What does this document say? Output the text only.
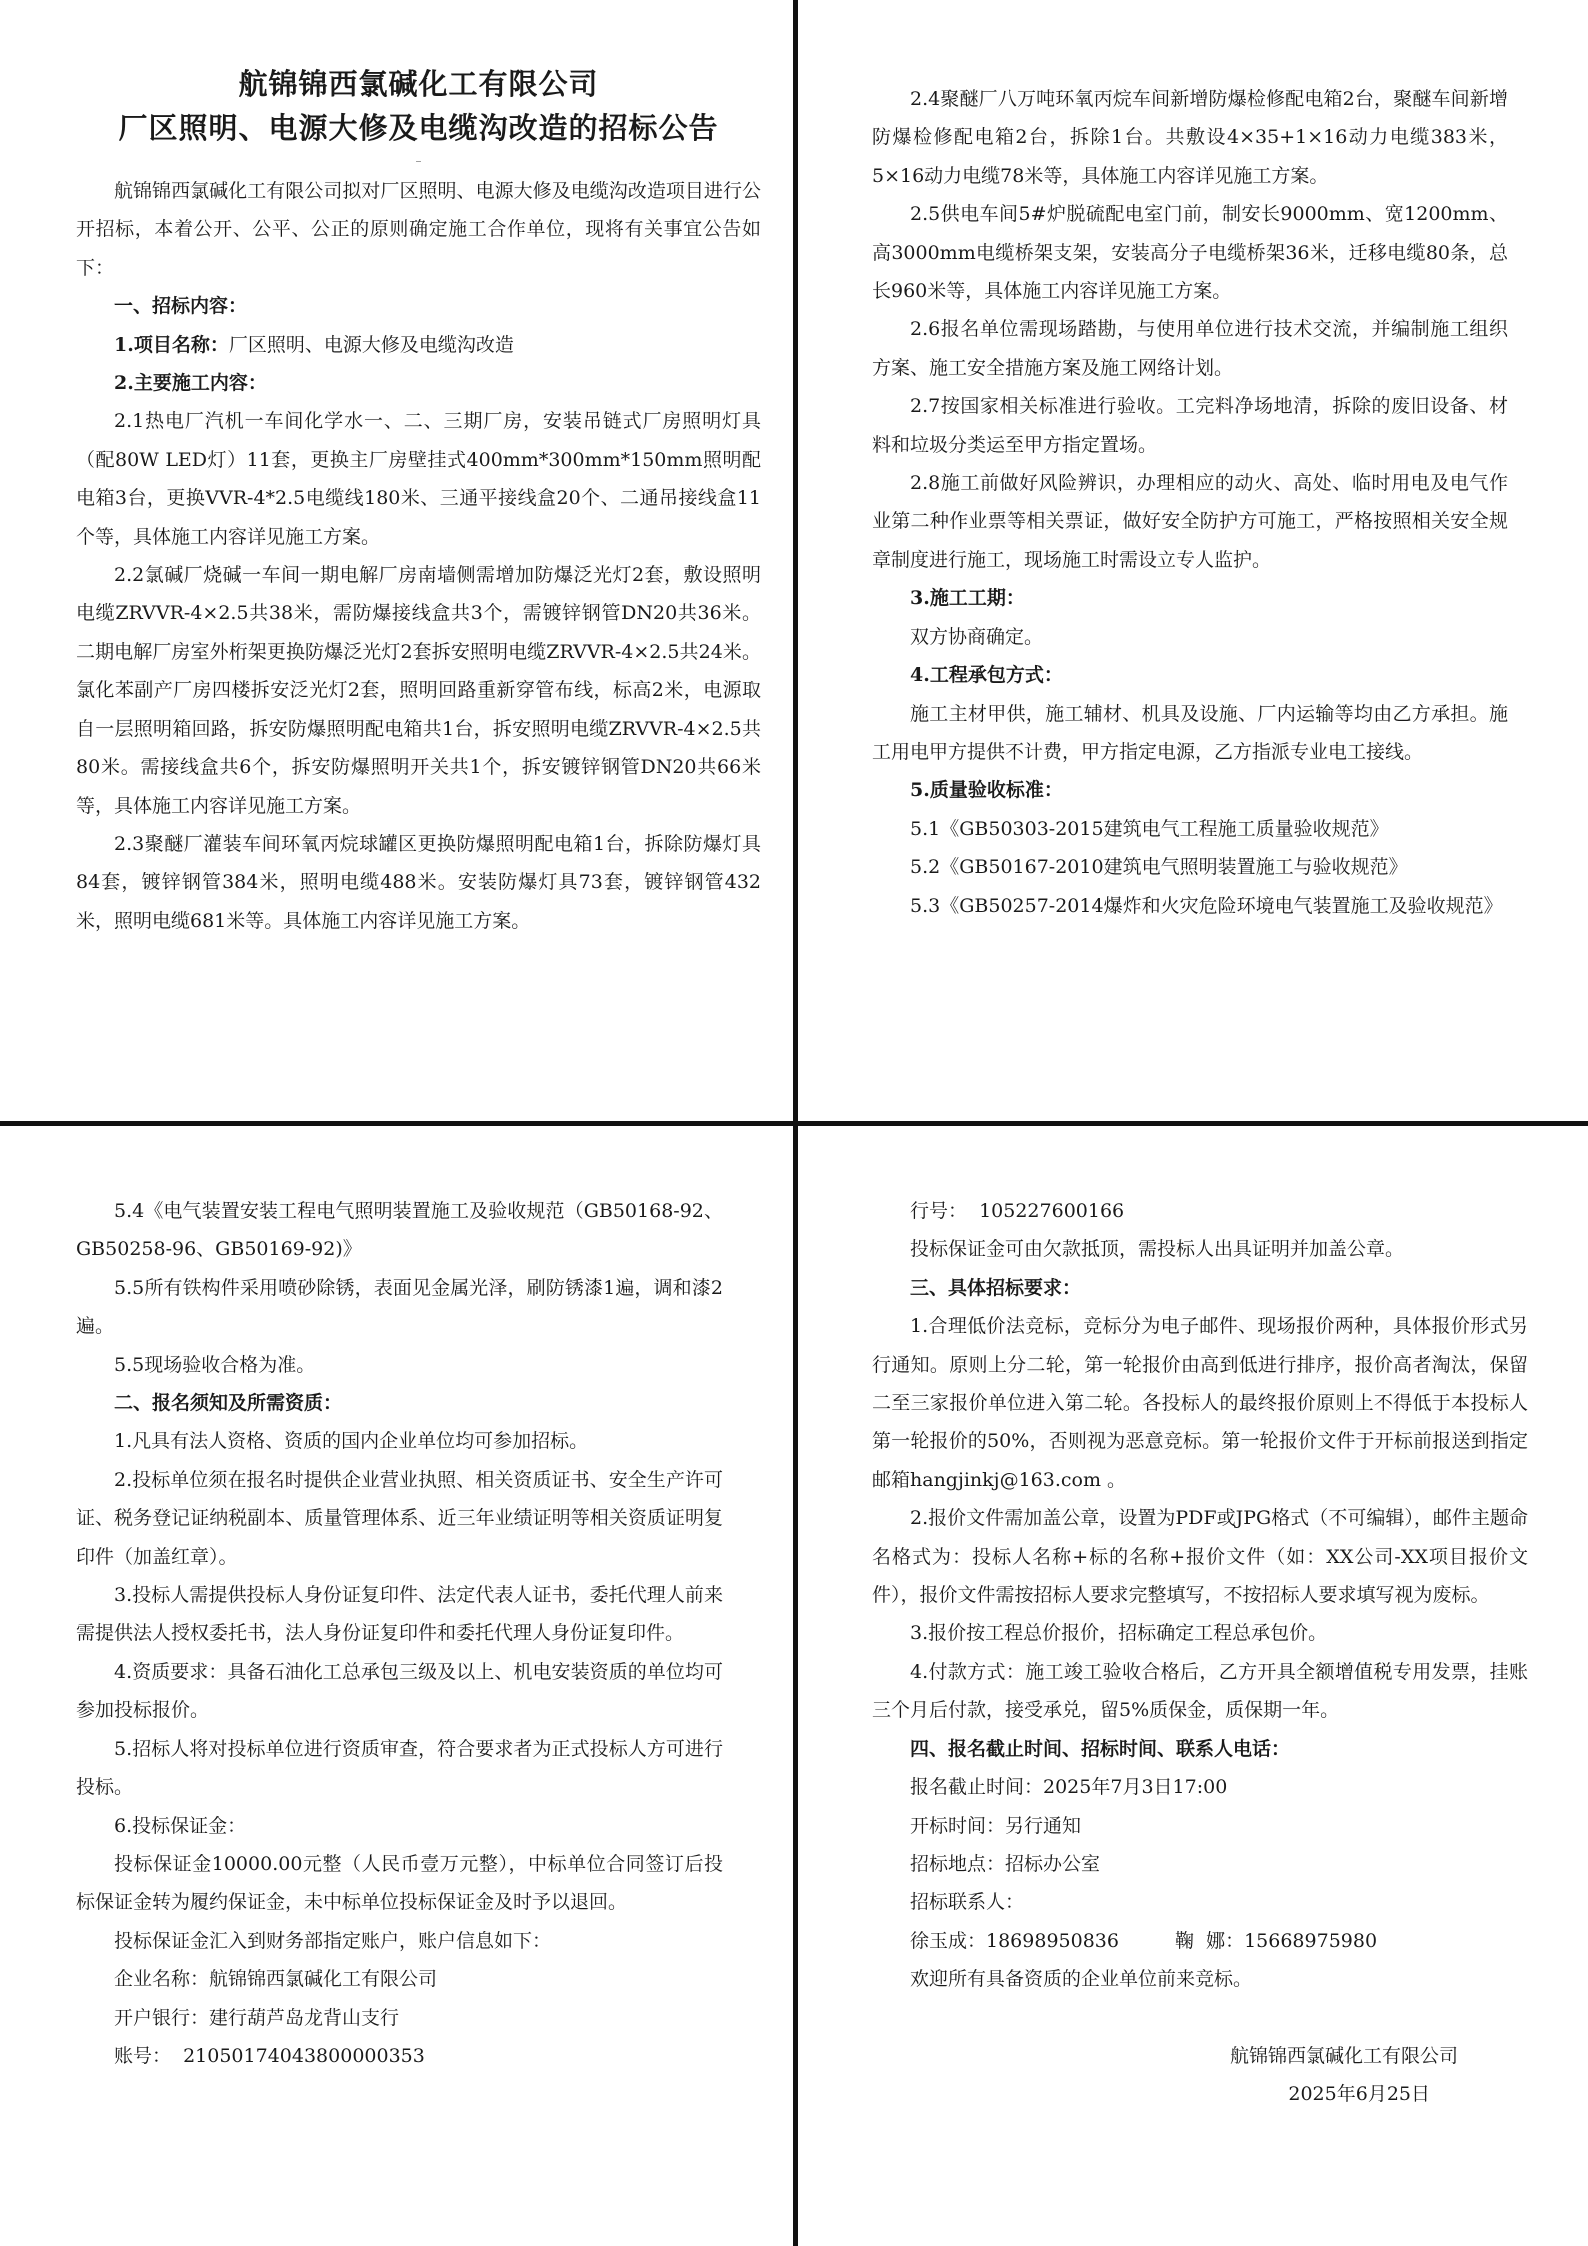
航锦锦西氯碱化工有限公司
厂区照明、电源大修及电缆沟改造的招标公告
–

航锦锦西氯碱化工有限公司拟对厂区照明、电源大修及电缆沟改造项目进行公开招标，本着公开、公平、公正的原则确定施工合作单位，现将有关事宜公告如下：

一、招标内容：

1.项目名称：厂区照明、电源大修及电缆沟改造

2.主要施工内容：

2.1热电厂汽机一车间化学水一、二、三期厂房，安装吊链式厂房照明灯具（配80W LED灯）11套，更换主厂房壁挂式400mm*300mm*150mm照明配电箱3台，更换VVR-4*2.5电缆线180米、三通平接线盒20个、二通吊接线盒11个等，具体施工内容详见施工方案。

2.2氯碱厂烧碱一车间一期电解厂房南墙侧需增加防爆泛光灯2套，敷设照明电缆ZRVVR-4×2.5共38米，需防爆接线盒共3个，需镀锌钢管DN20共36米。二期电解厂房室外桁架更换防爆泛光灯2套拆安照明电缆ZRVVR-4×2.5共24米。氯化苯副产厂房四楼拆安泛光灯2套，照明回路重新穿管布线，标高2米，电源取自一层照明箱回路，拆安防爆照明配电箱共1台，拆安照明电缆ZRVVR-4×2.5共80米。需接线盒共6个，拆安防爆照明开关共1个，拆安镀锌钢管DN20共66米等，具体施工内容详见施工方案。

2.3聚醚厂灌装车间环氧丙烷球罐区更换防爆照明配电箱1台，拆除防爆灯具84套，镀锌钢管384米，照明电缆488米。安装防爆灯具73套，镀锌钢管432米，照明电缆681米等。具体施工内容详见施工方案。

2.4聚醚厂八万吨环氧丙烷车间新增防爆检修配电箱2台，聚醚车间新增防爆检修配电箱2台，拆除1台。共敷设4×35+1×16动力电缆383米，5×16动力电缆78米等，具体施工内容详见施工方案。

2.5供电车间5#炉脱硫配电室门前，制安长9000mm、宽1200mm、高3000mm电缆桥架支架，安装高分子电缆桥架36米，迁移电缆80条，总长960米等，具体施工内容详见施工方案。

2.6报名单位需现场踏勘，与使用单位进行技术交流，并编制施工组织方案、施工安全措施方案及施工网络计划。

2.7按国家相关标准进行验收。工完料净场地清，拆除的废旧设备、材料和垃圾分类运至甲方指定置场。

2.8施工前做好风险辨识，办理相应的动火、高处、临时用电及电气作业第二种作业票等相关票证，做好安全防护方可施工，严格按照相关安全规章制度进行施工，现场施工时需设立专人监护。

3.施工工期：

双方协商确定。

4.工程承包方式：

施工主材甲供，施工辅材、机具及设施、厂内运输等均由乙方承担。施工用电甲方提供不计费，甲方指定电源，乙方指派专业电工接线。

5.质量验收标准：

5.1《GB50303-2015建筑电气工程施工质量验收规范》

5.2《GB50167-2010建筑电气照明装置施工与验收规范》

5.3《GB50257-2014爆炸和火灾危险环境电气装置施工及验收规范》

5.4《电气装置安装工程电气照明装置施工及验收规范（GB50168-92、GB50258-96、GB50169-92)》

5.5所有铁构件采用喷砂除锈，表面见金属光泽，刷防锈漆1遍，调和漆2遍。

5.5现场验收合格为准。

二、报名须知及所需资质：

1.凡具有法人资格、资质的国内企业单位均可参加招标。

2.投标单位须在报名时提供企业营业执照、相关资质证书、安全生产许可证、税务登记证纳税副本、质量管理体系、近三年业绩证明等相关资质证明复印件（加盖红章）。

3.投标人需提供投标人身份证复印件、法定代表人证书，委托代理人前来需提供法人授权委托书，法人身份证复印件和委托代理人身份证复印件。

4.资质要求：具备石油化工总承包三级及以上、机电安装资质的单位均可参加投标报价。

5.招标人将对投标单位进行资质审查，符合要求者为正式投标人方可进行投标。

6.投标保证金：

投标保证金10000.00元整（人民币壹万元整），中标单位合同签订后投标保证金转为履约保证金，未中标单位投标保证金及时予以退回。

投标保证金汇入到财务部指定账户，账户信息如下：

企业名称：航锦锦西氯碱化工有限公司

开户银行：建行葫芦岛龙背山支行

账号：  21050174043800000353

行号：  105227600166

投标保证金可由欠款抵顶，需投标人出具证明并加盖公章。

三、具体招标要求：

1.合理低价法竞标，竞标分为电子邮件、现场报价两种，具体报价形式另行通知。原则上分二轮，第一轮报价由高到低进行排序，报价高者淘汰，保留二至三家报价单位进入第二轮。各投标人的最终报价原则上不得低于本投标人第一轮报价的50%，否则视为恶意竞标。第一轮报价文件于开标前报送到指定邮箱hangjinkj@163.com 。

2.报价文件需加盖公章，设置为PDF或JPG格式（不可编辑），邮件主题命名格式为：投标人名称+标的名称+报价文件（如：XX公司-XX项目报价文件），报价文件需按招标人要求完整填写，不按招标人要求填写视为废标。

3.报价按工程总价报价，招标确定工程总承包价。

4.付款方式：施工竣工验收合格后，乙方开具全额增值税专用发票，挂账三个月后付款，接受承兑，留5%质保金，质保期一年。

四、报名截止时间、招标时间、联系人电话：

报名截止时间：2025年7月3日17:00

开标时间：另行通知

招标地点：招标办公室

招标联系人：

徐玉成：18698950836	鞠  娜：15668975980

欢迎所有具备资质的企业单位前来竞标。

航锦锦西氯碱化工有限公司

2025年6月25日
